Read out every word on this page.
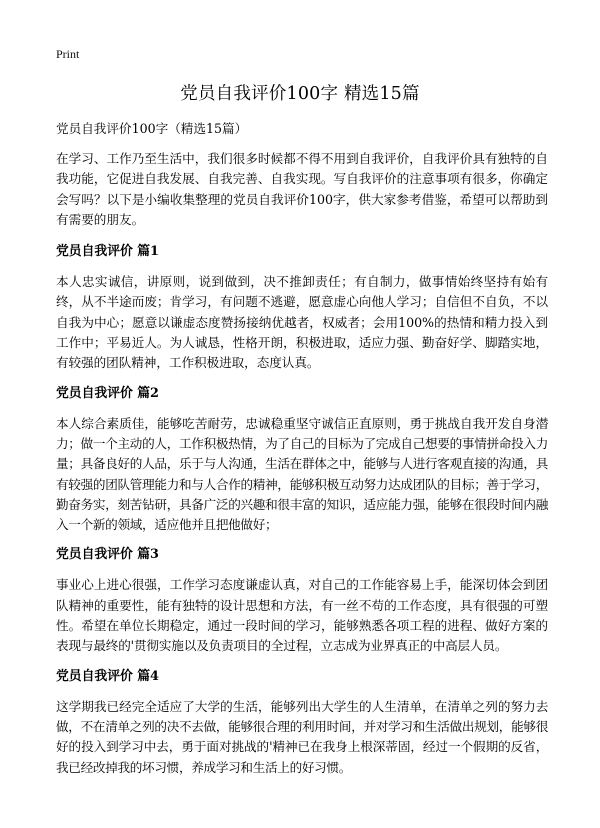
Print
党员自我评价100字 精选15篇

党员自我评价100字（精选15篇）

在学习、工作乃至生活中，我们很多时候都不得不用到自我评价，自我评价具有独特的自我功能，它促进自我发展、自我完善、自我实现。写自我评价的注意事项有很多，你确定会写吗？以下是小编收集整理的党员自我评价100字，供大家参考借鉴，希望可以帮助到有需要的朋友。

党员自我评价 篇1

本人忠实诚信，讲原则，说到做到，决不推卸责任；有自制力，做事情始终坚持有始有终，从不半途而废；肯学习，有问题不逃避，愿意虚心向他人学习；自信但不自负，不以自我为中心；愿意以谦虚态度赞扬接纳优越者，权威者；会用100%的热情和精力投入到工作中；平易近人。为人诚恳，性格开朗，积极进取，适应力强、勤奋好学、脚踏实地，有较强的团队精神，工作积极进取，态度认真。

党员自我评价 篇2

本人综合素质佳，能够吃苦耐劳，忠诚稳重坚守诚信正直原则，勇于挑战自我开发自身潜力；做一个主动的人，工作积极热情，为了自己的目标为了完成自己想要的事情拼命投入力量；具备良好的人品，乐于与人沟通，生活在群体之中，能够与人进行客观直接的沟通，具有较强的团队管理能力和与人合作的精神，能够积极互动努力达成团队的目标；善于学习，勤奋务实，刻苦钻研，具备广泛的兴趣和很丰富的知识，适应能力强，能够在很段时间内融入一个新的领域，适应他并且把他做好；

党员自我评价 篇3

事业心上进心很强，工作学习态度谦虚认真，对自己的工作能容易上手，能深切体会到团队精神的重要性，能有独特的设计思想和方法，有一丝不苟的工作态度，具有很强的可塑性。希望在单位长期稳定，通过一段时间的学习，能够熟悉各项工程的进程、做好方案的表现与最终的'贯彻实施以及负责项目的全过程，立志成为业界真正的中高层人员。

党员自我评价 篇4

这学期我已经完全适应了大学的生活，能够列出大学生的人生清单，在清单之列的努力去做，不在清单之列的决不去做，能够很合理的利用时间，并对学习和生活做出规划，能够很好的投入到学习中去，勇于面对挑战的'精神已在我身上根深蒂固，经过一个假期的反省，我已经改掉我的坏习惯，养成学习和生活上的好习惯。
